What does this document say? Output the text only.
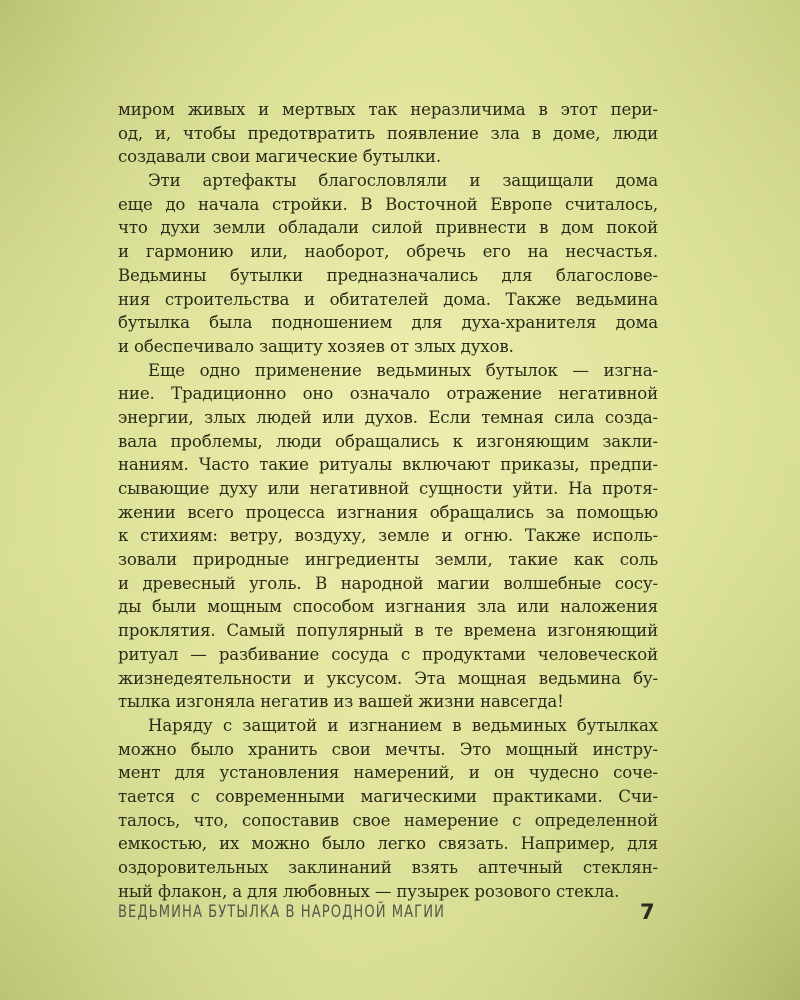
миром живых и мертвых так неразличима в этот пери-
од, и, чтобы предотвратить появление зла в доме, люди
создавали свои магические бутылки.
Эти артефакты благословляли и защищали дома
еще до начала стройки. В Восточной Европе считалось,
что духи земли обладали силой привнести в дом покой
и гармонию или, наоборот, обречь его на несчастья.
Ведьмины бутылки предназначались для благослове-
ния строительства и обитателей дома. Также ведьмина
бутылка была подношением для духа-хранителя дома
и обеспечивало защиту хозяев от злых духов.
Еще одно применение ведьминых бутылок — изгна-
ние. Традиционно оно означало отражение негативной
энергии, злых людей или духов. Если темная сила созда-
вала проблемы, люди обращались к изгоняющим закли-
наниям. Часто такие ритуалы включают приказы, предпи-
сывающие духу или негативной сущности уйти. На протя-
жении всего процесса изгнания обращались за помощью
к стихиям: ветру, воздуху, земле и огню. Также исполь-
зовали природные ингредиенты земли, такие как соль
и древесный уголь. В народной магии волшебные сосу-
ды были мощным способом изгнания зла или наложения
проклятия. Самый популярный в те времена изгоняющий
ритуал — разбивание сосуда с продуктами человеческой
жизнедеятельности и уксусом. Эта мощная ведьмина бу-
тылка изгоняла негатив из вашей жизни навсегда!
Наряду с защитой и изгнанием в ведьминых бутылках
можно было хранить свои мечты. Это мощный инстру-
мент для установления намерений, и он чудесно соче-
тается с современными магическими практиками. Счи-
талось, что, сопоставив свое намерение с определенной
емкостью, их можно было легко связать. Например, для
оздоровительных заклинаний взять аптечный стеклян-
ный флакон, а для любовных — пузырек розового стекла.
ВЕДЬМИНА БУТЫЛКА В НАРОДНОЙ МАГИИ	7
